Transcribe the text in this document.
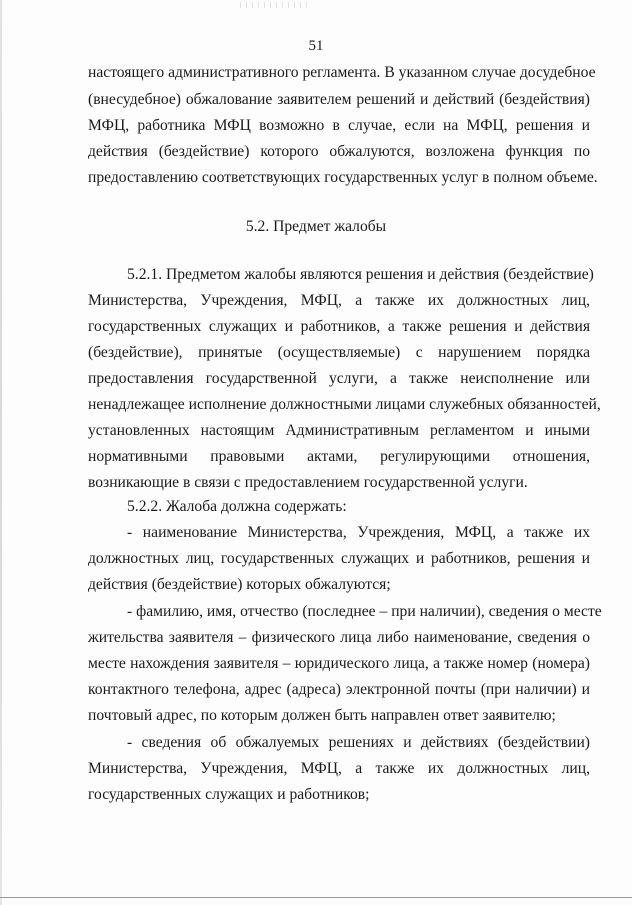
51
настоящего административного регламента. В указанном случае досудебное
(внесудебное) обжалование заявителем решений и действий (бездействия)
МФЦ, работника МФЦ возможно в случае, если на МФЦ, решения и
действия (бездействие) которого обжалуются, возложена функция по
предоставлению соответствующих государственных услуг в полном объеме.
5.2. Предмет жалобы
5.2.1. Предметом жалобы являются решения и действия (бездействие)
Министерства, Учреждения, МФЦ, а также их должностных лиц,
государственных служащих и работников, а также решения и действия
(бездействие), принятые (осуществляемые) с нарушением порядка
предоставления государственной услуги, а также неисполнение или
ненадлежащее исполнение должностными лицами служебных обязанностей,
установленных настоящим Административным регламентом и иными
нормативными правовыми актами, регулирующими отношения,
возникающие в связи с предоставлением государственной услуги.
5.2.2. Жалоба должна содержать:
- наименование Министерства, Учреждения, МФЦ, а также их
должностных лиц, государственных служащих и работников, решения и
действия (бездействие) которых обжалуются;
- фамилию, имя, отчество (последнее – при наличии), сведения о месте
жительства заявителя – физического лица либо наименование, сведения о
месте нахождения заявителя – юридического лица, а также номер (номера)
контактного телефона, адрес (адреса) электронной почты (при наличии) и
почтовый адрес, по которым должен быть направлен ответ заявителю;
- сведения об обжалуемых решениях и действиях (бездействии)
Министерства, Учреждения, МФЦ, а также их должностных лиц,
государственных служащих и работников;
